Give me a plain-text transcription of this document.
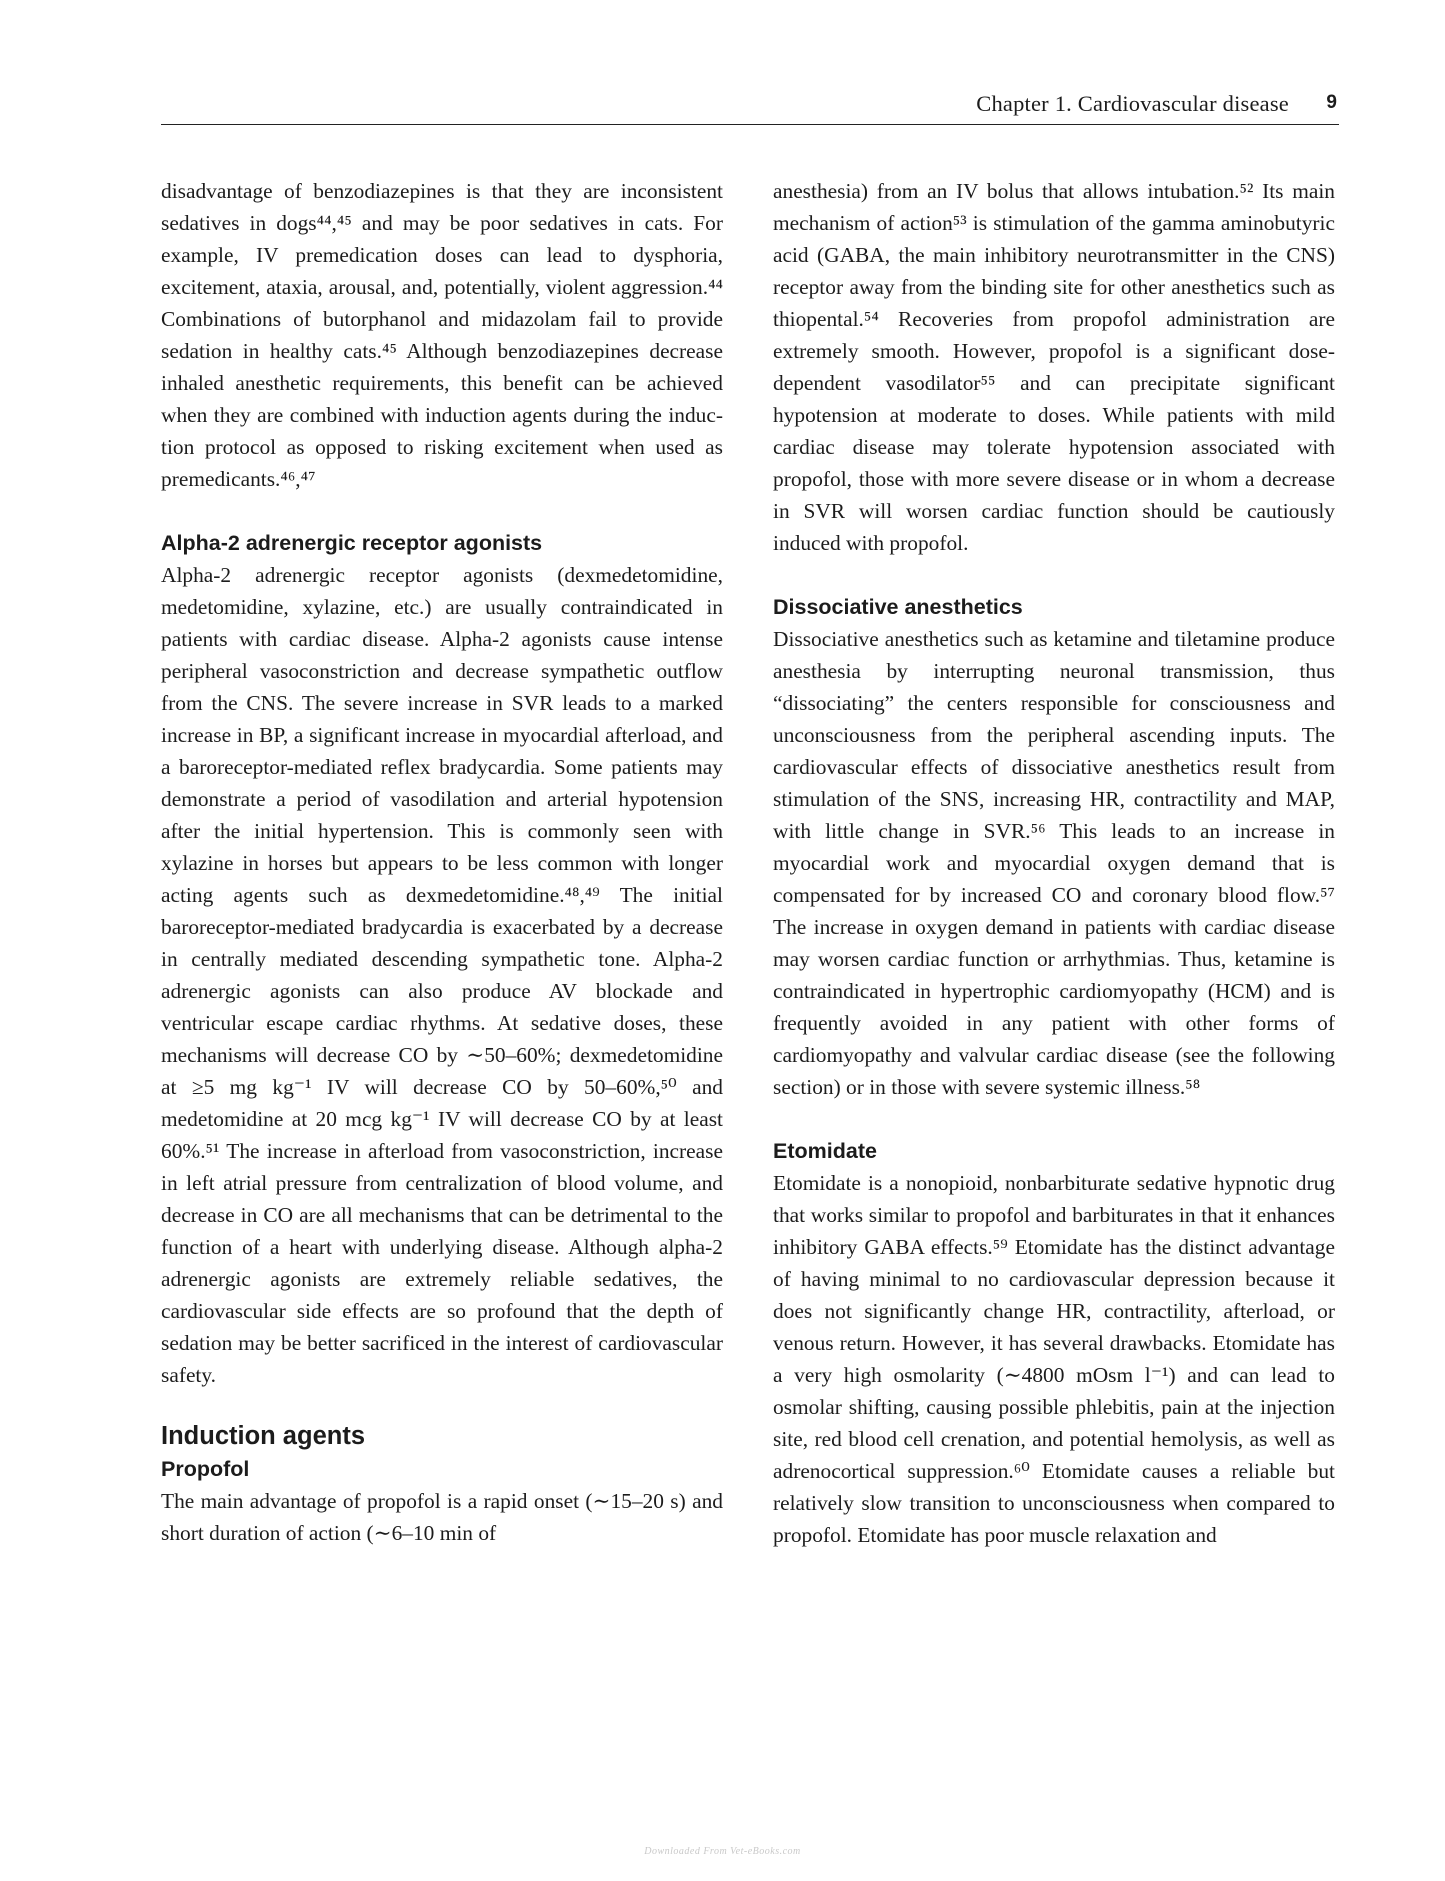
Chapter 1. Cardiovascular disease 9

disadvantage of benzodiazepines is that they are inconsistent sedatives in dogs⁴⁴,⁴⁵ and may be poor sedatives in cats. For example, IV premedication doses can lead to dysphoria, excitement, ataxia, arousal, and, potentially, violent aggression.⁴⁴ Combinations of butorphanol and midazolam fail to provide sedation in healthy cats.⁴⁵ Although benzodiazepines decrease inhaled anesthetic requirements, this benefit can be achieved when they are combined with induction agents during the induction protocol as opposed to risking excitement when used as premedicants.⁴⁶,⁴⁷

Alpha-2 adrenergic receptor agonists

Alpha-2 adrenergic receptor agonists (dexmedetomidine, medetomidine, xylazine, etc.) are usually contraindicated in patients with cardiac disease. Alpha-2 agonists cause intense peripheral vasoconstriction and decrease sympathetic outflow from the CNS. The severe increase in SVR leads to a marked increase in BP, a significant increase in myocardial afterload, and a baroreceptor-mediated reflex bradycardia. Some patients may demonstrate a period of vasodilation and arterial hypotension after the initial hypertension. This is commonly seen with xylazine in horses but appears to be less common with longer acting agents such as dexmedetomidine.⁴⁸,⁴⁹ The initial baroreceptor-mediated bradycardia is exacerbated by a decrease in centrally mediated descending sympathetic tone. Alpha-2 adrenergic agonists can also produce AV blockade and ventricular escape cardiac rhythms. At sedative doses, these mechanisms will decrease CO by ∼50–60%; dexmedetomidine at ≥5 mg kg⁻¹ IV will decrease CO by 50–60%,⁵⁰ and medetomidine at 20 mcg kg⁻¹ IV will decrease CO by at least 60%.⁵¹ The increase in afterload from vasoconstriction, increase in left atrial pressure from centralization of blood volume, and decrease in CO are all mechanisms that can be detrimental to the function of a heart with underlying disease. Although alpha-2 adrenergic agonists are extremely reliable sedatives, the cardiovascular side effects are so profound that the depth of sedation may be better sacrificed in the interest of cardiovascular safety.

Induction agents
Propofol

The main advantage of propofol is a rapid onset (∼15–20 s) and short duration of action (∼6–10 min of

anesthesia) from an IV bolus that allows intubation.⁵² Its main mechanism of action⁵³ is stimulation of the gamma aminobutyric acid (GABA, the main inhibitory neurotransmitter in the CNS) receptor away from the binding site for other anesthetics such as thiopental.⁵⁴ Recoveries from propofol administration are extremely smooth. However, propofol is a significant dose-dependent vasodilator⁵⁵ and can precipitate significant hypotension at moderate to doses. While patients with mild cardiac disease may tolerate hypotension associated with propofol, those with more severe disease or in whom a decrease in SVR will worsen cardiac function should be cautiously induced with propofol.

Dissociative anesthetics

Dissociative anesthetics such as ketamine and tiletamine produce anesthesia by interrupting neuronal transmission, thus “dissociating” the centers responsible for consciousness and unconsciousness from the peripheral ascending inputs. The cardiovascular effects of dissociative anesthetics result from stimulation of the SNS, increasing HR, contractility and MAP, with little change in SVR.⁵⁶ This leads to an increase in myocardial work and myocardial oxygen demand that is compensated for by increased CO and coronary blood flow.⁵⁷ The increase in oxygen demand in patients with cardiac disease may worsen cardiac function or arrhythmias. Thus, ketamine is contraindicated in hypertrophic cardiomyopathy (HCM) and is frequently avoided in any patient with other forms of cardiomyopathy and valvular cardiac disease (see the following section) or in those with severe systemic illness.⁵⁸

Etomidate

Etomidate is a nonopioid, nonbarbiturate sedative hypnotic drug that works similar to propofol and barbiturates in that it enhances inhibitory GABA effects.⁵⁹ Etomidate has the distinct advantage of having minimal to no cardiovascular depression because it does not significantly change HR, contractility, afterload, or venous return. However, it has several drawbacks. Etomidate has a very high osmolarity (∼4800 mOsm l⁻¹) and can lead to osmolar shifting, causing possible phlebitis, pain at the injection site, red blood cell crenation, and potential hemolysis, as well as adrenocortical suppression.⁶⁰ Etomidate causes a reliable but relatively slow transition to unconsciousness when compared to propofol. Etomidate has poor muscle relaxation and

Downloaded From Vet-eBooks.com
